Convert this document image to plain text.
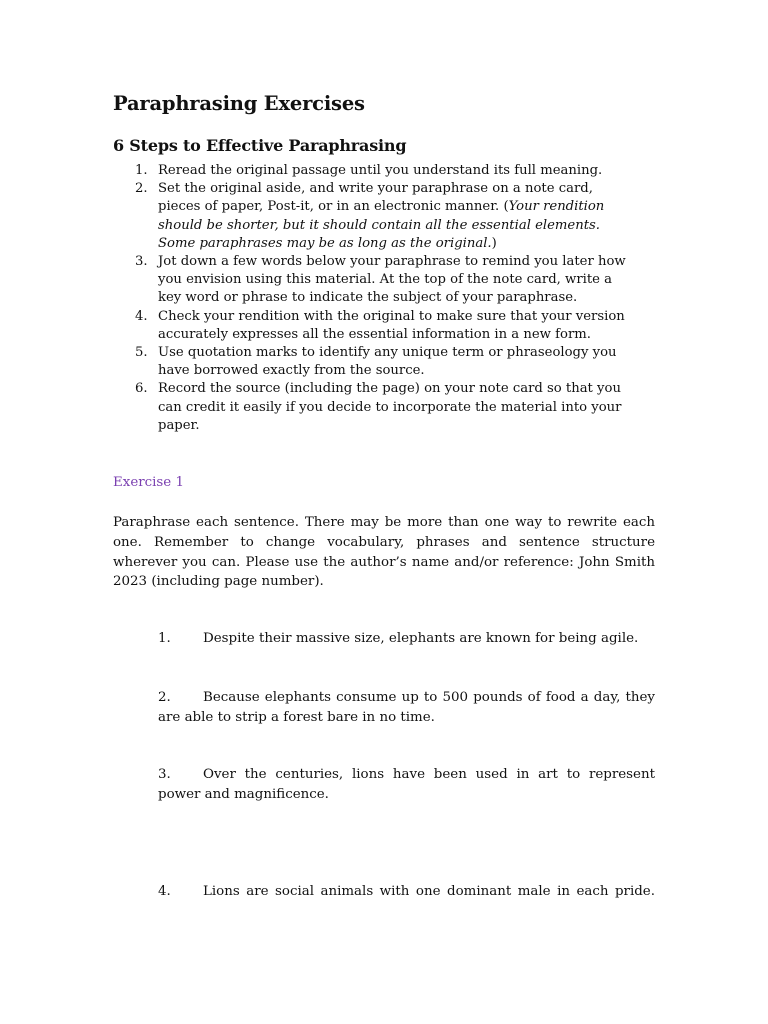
Paraphrasing Exercises
6 Steps to Effective Paraphrasing
1. Reread the original passage until you understand its full meaning.
2. Set the original aside, and write your paraphrase on a note card, pieces of paper, Post-it, or in an electronic manner. (Your rendition should be shorter, but it should contain all the essential elements. Some paraphrases may be as long as the original.)
3. Jot down a few words below your paraphrase to remind you later how you envision using this material. At the top of the note card, write a key word or phrase to indicate the subject of your paraphrase.
4. Check your rendition with the original to make sure that your version accurately expresses all the essential information in a new form.
5. Use quotation marks to identify any unique term or phraseology you have borrowed exactly from the source.
6. Record the source (including the page) on your note card so that you can credit it easily if you decide to incorporate the material into your paper.
Exercise 1
Paraphrase each sentence. There may be more than one way to rewrite each one. Remember to change vocabulary, phrases and sentence structure wherever you can. Please use the author’s name and/or reference: John Smith 2023 (including page number).
1. Despite their massive size, elephants are known for being agile.
2. Because elephants consume up to 500 pounds of food a day, they are able to strip a forest bare in no time.
3. Over the centuries, lions have been used in art to represent power and magnificence.
4. Lions are social animals with one dominant male in each pride.
